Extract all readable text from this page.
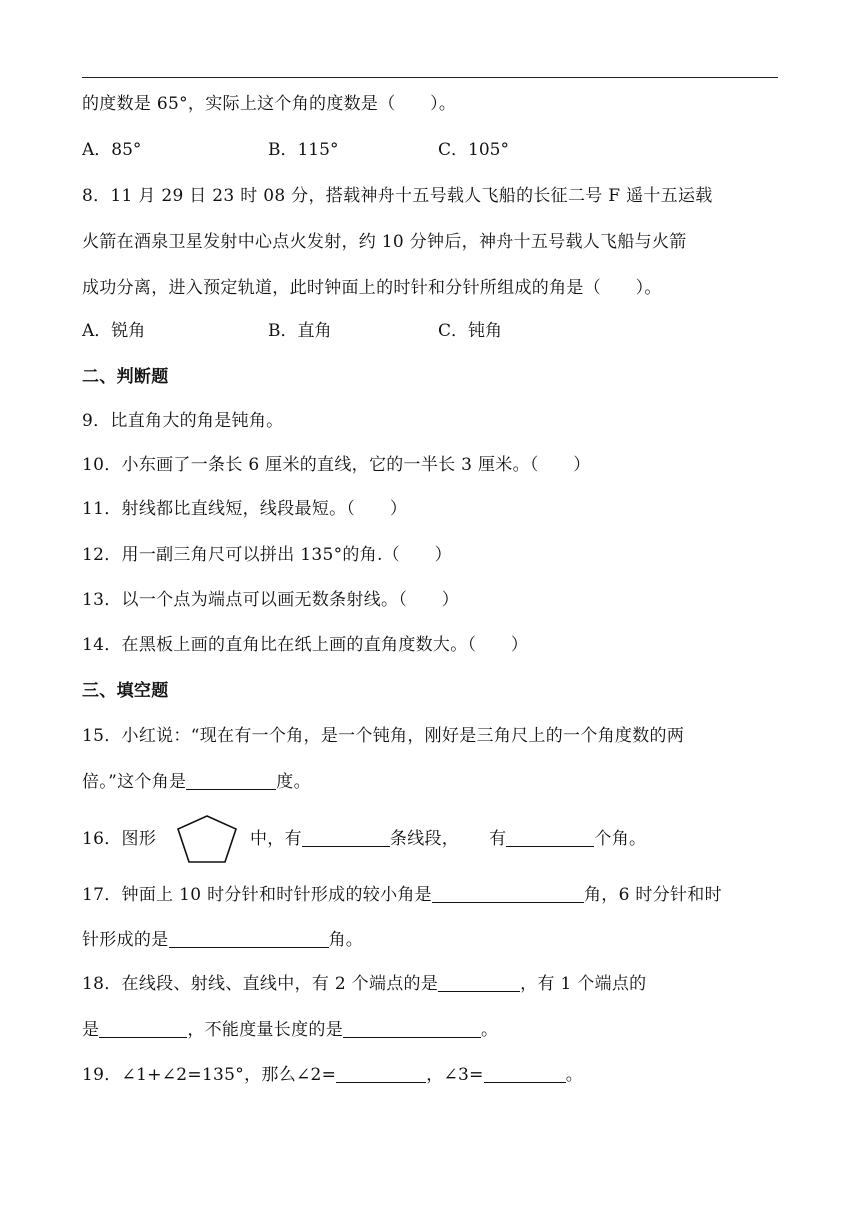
的度数是 65°，实际上这个角的度数是（　　）。
A．85°	B．115°	C．105°
8．11 月 29 日 23 时 08 分，搭载神舟十五号载人飞船的长征二号 F 遥十五运载
火箭在酒泉卫星发射中心点火发射，约 10 分钟后，神舟十五号载人飞船与火箭
成功分离，进入预定轨道，此时钟面上的时针和分针所组成的角是（　　）。
A．锐角	B．直角	C．钝角
二、判断题
9．比直角大的角是钝角。
10．小东画了一条长 6 厘米的直线，它的一半长 3 厘米。（　　）
11．射线都比直线短，线段最短。（　　）
12．用一副三角尺可以拼出 135°的角.（　　）
13．以一个点为端点可以画无数条射线。（　　）
14．在黑板上画的直角比在纸上画的直角度数大。（　　）
三、填空题
15．小红说：“现在有一个角，是一个钝角，刚好是三角尺上的一个角度数的两
倍。”这个角是	度。
16．图形	中，有	条线段， 有	个角。
17．钟面上 10 时分针和时针形成的较小角是	角，6 时分针和时
针形成的是	角。
18．在线段、射线、直线中，有 2 个端点的是	，有 1 个端点的
是	，不能度量长度的是	。
19．∠1+∠2=135°，那么∠2=	，∠3=	。
